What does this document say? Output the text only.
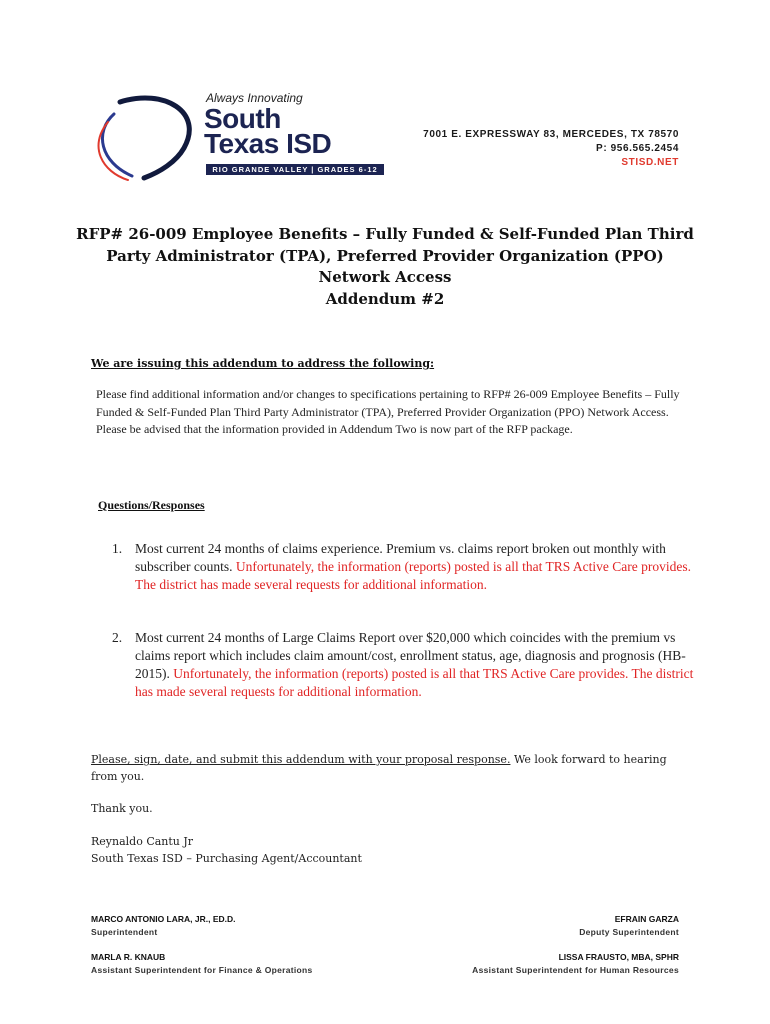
Always Innovating
South
Texas ISD
RIO GRANDE VALLEY | GRADES 6-12
7001 E. EXPRESSWAY 83, MERCEDES, TX 78570
P: 956.565.2454
STISD.NET
RFP# 26-009 Employee Benefits – Fully Funded & Self-Funded Plan Third
Party Administrator (TPA), Preferred Provider Organization (PPO)
Network Access
Addendum #2
We are issuing this addendum to address the following:
Please find additional information and/or changes to specifications pertaining to RFP# 26-009 Employee Benefits – Fully Funded & Self-Funded Plan Third Party Administrator (TPA), Preferred Provider Organization (PPO) Network Access. Please be advised that the information provided in Addendum Two is now part of the RFP package.
Questions/Responses
1. Most current 24 months of claims experience. Premium vs. claims report broken out monthly with subscriber counts. Unfortunately, the information (reports) posted is all that TRS Active Care provides. The district has made several requests for additional information.
2. Most current 24 months of Large Claims Report over $20,000 which coincides with the premium vs claims report which includes claim amount/cost, enrollment status, age, diagnosis and prognosis (HB-2015). Unfortunately, the information (reports) posted is all that TRS Active Care provides. The district has made several requests for additional information.
Please, sign, date, and submit this addendum with your proposal response. We look forward to hearing from you.
Thank you.
Reynaldo Cantu Jr
South Texas ISD – Purchasing Agent/Accountant
MARCO ANTONIO LARA, JR., ED.D.
Superintendent
EFRAIN GARZA
Deputy Superintendent
MARLA R. KNAUB
Assistant Superintendent for Finance & Operations
LISSA FRAUSTO, MBA, SPHR
Assistant Superintendent for Human Resources
